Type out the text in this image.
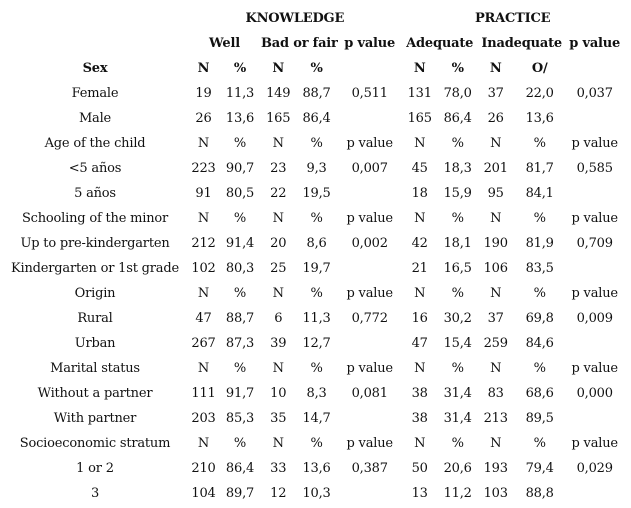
	KNOWLEDGE					PRACTICE				
	Well		Bad or fair		p value	Adequate		Inadequate		p value
Sex	N	%	N	%		N	%	N	O/	
Female	19	11,3	149	88,7	0,511	131	78,0	37	22,0	0,037
Male	26	13,6	165	86,4		165	86,4	26	13,6	
Age of the child	N	%	N	%	p value	N	%	N	%	p value
<5 años	223	90,7	23	9,3	0,007	45	18,3	201	81,7	0,585
5 años	91	80,5	22	19,5		18	15,9	95	84,1	
Schooling of the minor	N	%	N	%	p value	N	%	N	%	p value
Up to pre-kindergarten	212	91,4	20	8,6	0,002	42	18,1	190	81,9	0,709
Kindergarten or 1st grade	102	80,3	25	19,7		21	16,5	106	83,5	
Origin	N	%	N	%	p value	N	%	N	%	p value
Rural	47	88,7	6	11,3	0,772	16	30,2	37	69,8	0,009
Urban	267	87,3	39	12,7		47	15,4	259	84,6	
Marital status	N	%	N	%	p value	N	%	N	%	p value
Without a partner	111	91,7	10	8,3	0,081	38	31,4	83	68,6	0,000
With partner	203	85,3	35	14,7		38	31,4	213	89,5	
Socioeconomic stratum	N	%	N	%	p value	N	%	N	%	p value
1 or 2	210	86,4	33	13,6	0,387	50	20,6	193	79,4	0,029
3	104	89,7	12	10,3		13	11,2	103	88,8	
